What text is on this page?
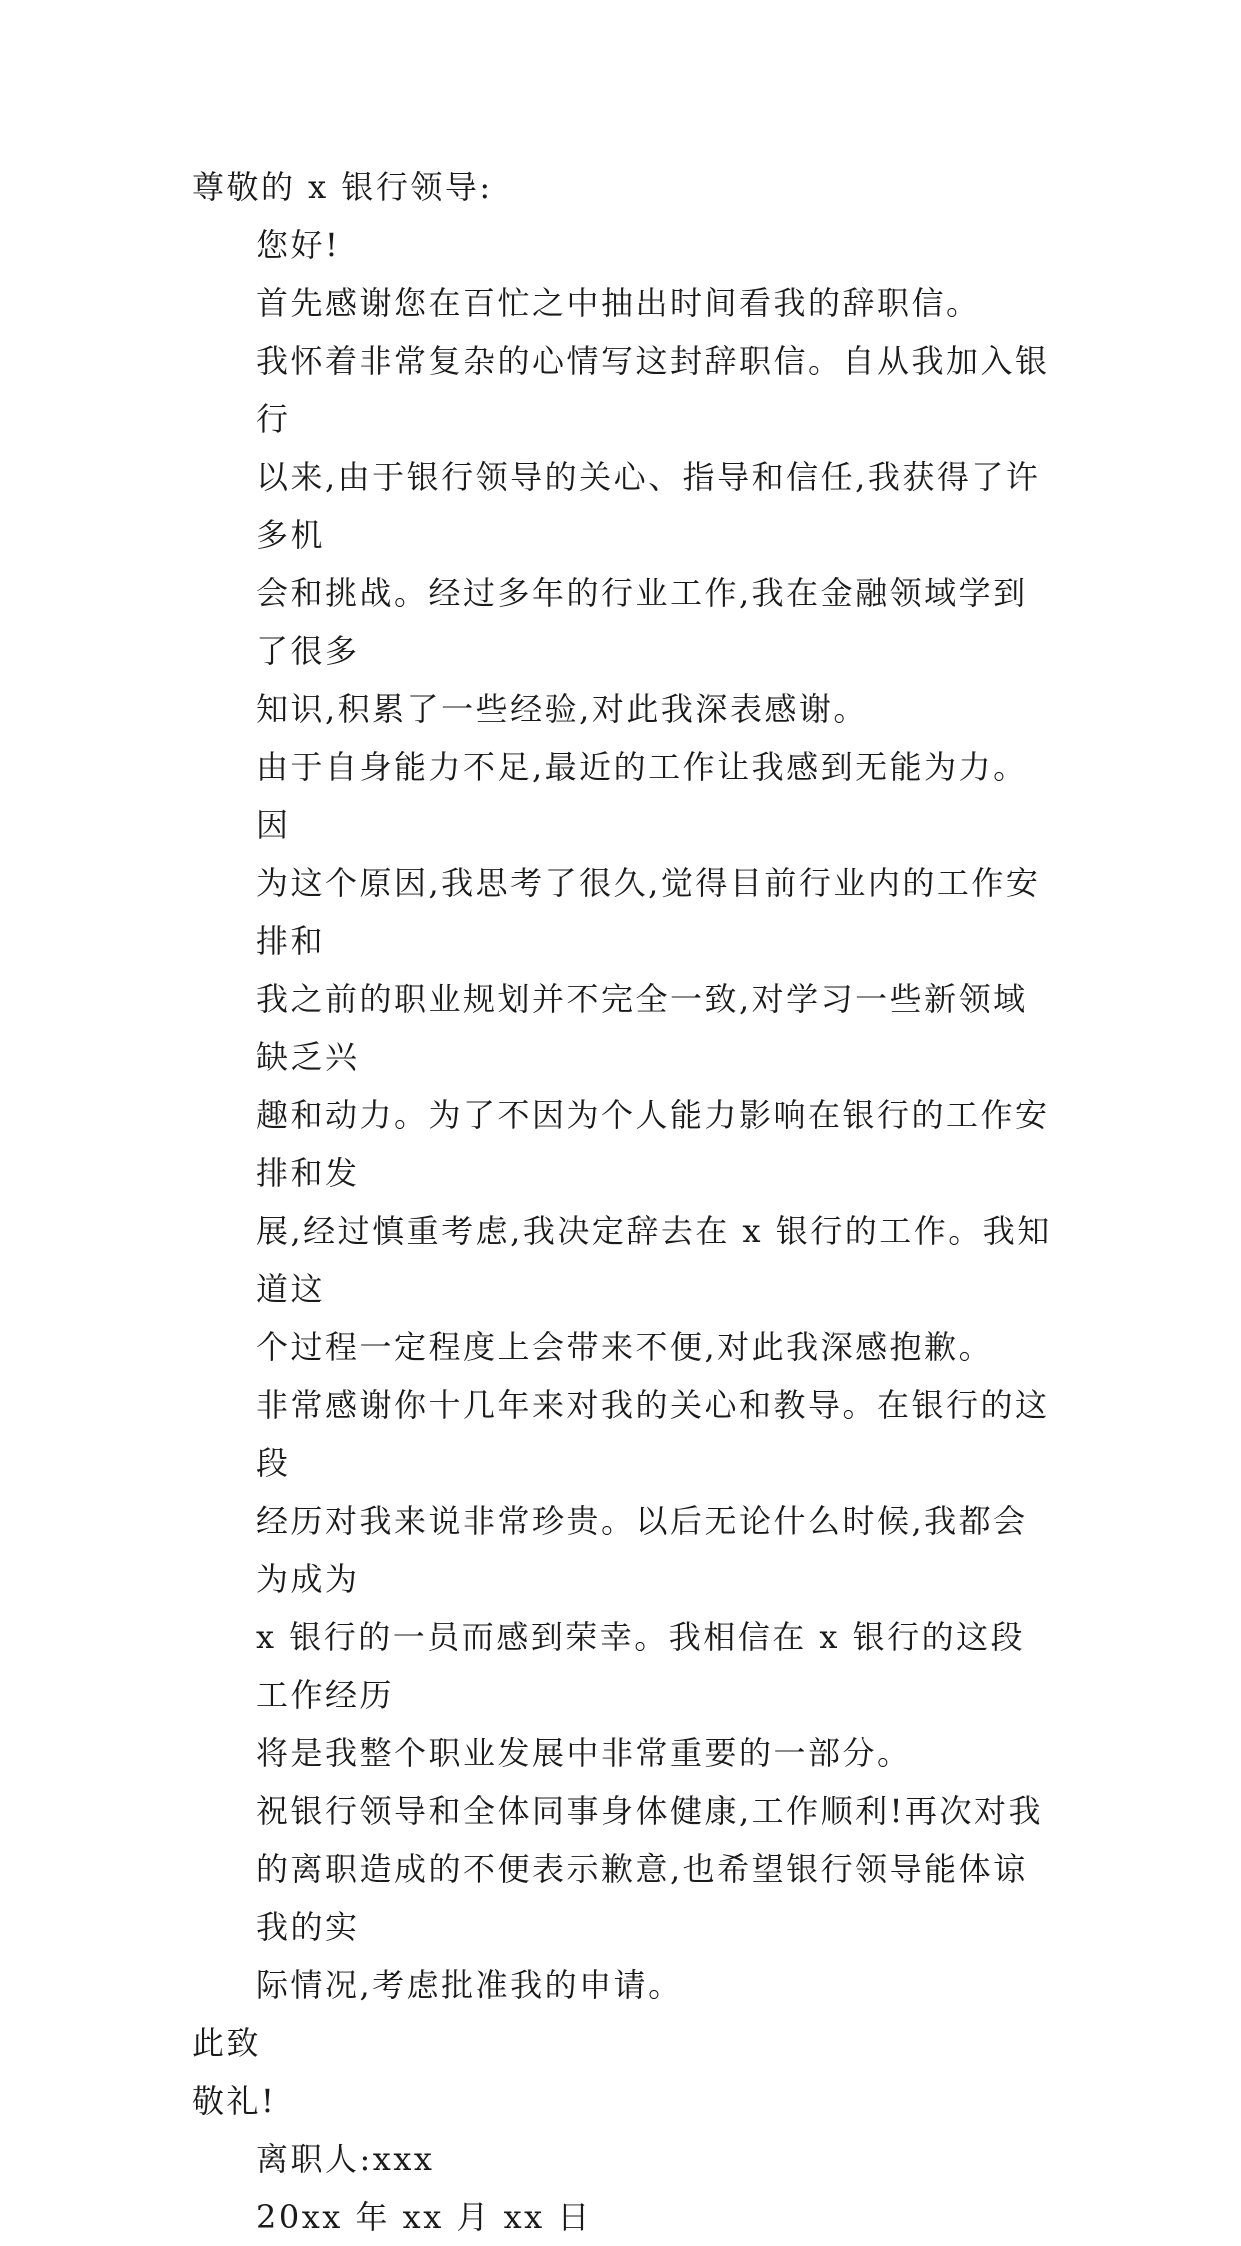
尊敬的 x 银行领导:

您好!

首先感谢您在百忙之中抽出时间看我的辞职信。

我怀着非常复杂的心情写这封辞职信。自从我加入银行
以来,由于银行领导的关心、指导和信任,我获得了许多机
会和挑战。经过多年的行业工作,我在金融领域学到了很多
知识,积累了一些经验,对此我深表感谢。

由于自身能力不足,最近的工作让我感到无能为力。因
为这个原因,我思考了很久,觉得目前行业内的工作安排和
我之前的职业规划并不完全一致,对学习一些新领域缺乏兴
趣和动力。为了不因为个人能力影响在银行的工作安排和发
展,经过慎重考虑,我决定辞去在 x 银行的工作。我知道这
个过程一定程度上会带来不便,对此我深感抱歉。

非常感谢你十几年来对我的关心和教导。在银行的这段
经历对我来说非常珍贵。以后无论什么时候,我都会为成为
x 银行的一员而感到荣幸。我相信在 x 银行的这段工作经历
将是我整个职业发展中非常重要的一部分。

祝银行领导和全体同事身体健康,工作顺利!再次对我
的离职造成的不便表示歉意,也希望银行领导能体谅我的实
际情况,考虑批准我的申请。

此致

敬礼!

离职人:xxx

20xx 年 xx 月 xx 日
